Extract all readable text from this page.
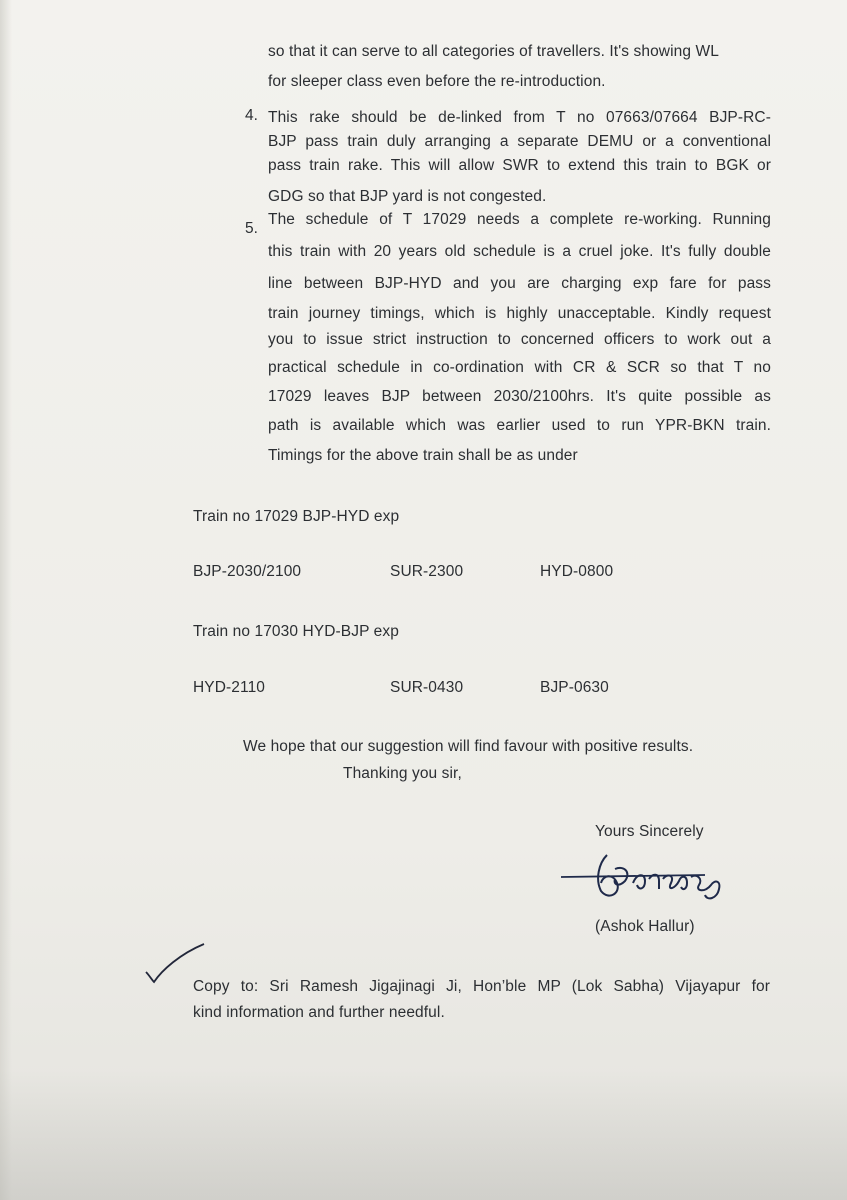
so that it can serve to all categories of travellers. It's showing WL
for sleeper class even before the re-introduction.
4. This rake should be de-linked from T no 07663/07664 BJP-RC-
BJP pass train duly arranging a separate DEMU or a conventional
pass train rake. This will allow SWR to extend this train to BGK or
GDG so that BJP yard is not congested.
5.
The schedule of T 17029 needs a complete re-working. Running
this train with 20 years old schedule is a cruel joke. It's fully double
line between BJP-HYD and you are charging exp fare for pass
train journey timings, which is highly unacceptable. Kindly request
you to issue strict instruction to concerned officers to work out a
practical schedule in co-ordination with CR & SCR so that T no
17029 leaves BJP between 2030/2100hrs. It's quite possible as
path is available which was earlier used to run YPR-BKN train.
Timings for the above train shall be as under
Train no 17029 BJP-HYD exp
BJP-2030/2100	SUR-2300	HYD-0800
Train no 17030 HYD-BJP exp
HYD-2110	SUR-0430	BJP-0630
We hope that our suggestion will find favour with positive results.
Thanking you sir,
Yours Sincerely
(Ashok Hallur)
Copy to: Sri Ramesh Jigajinagi Ji, Hon’ble MP (Lok Sabha) Vijayapur for
kind information and further needful.
